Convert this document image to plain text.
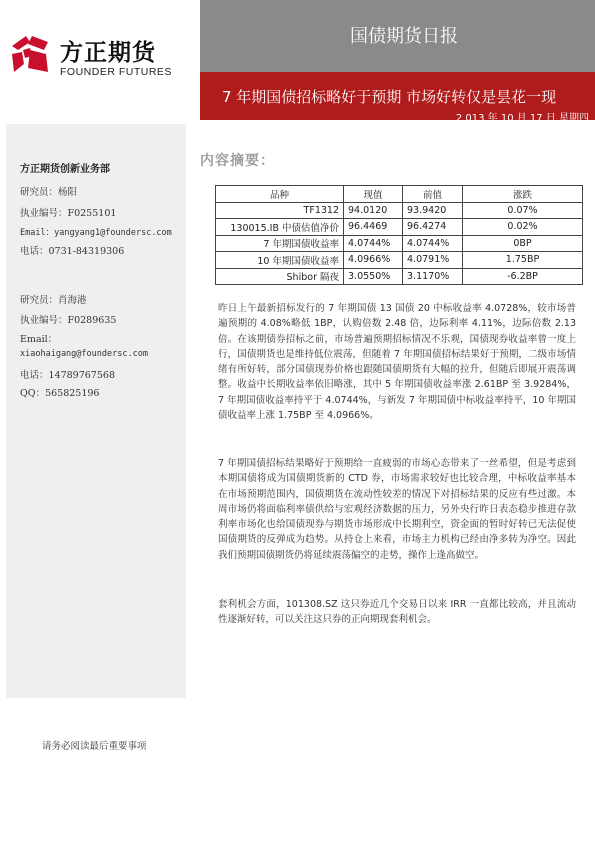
方正期货
FOUNDER FUTURES
国债期货日报
7 年期国债招标略好于预期 市场好转仅是昙花一现
2 013 年 10 月 17 日 星期四
方正期货创新业务部
研究员：杨阳
执业编号：F0255101
Email：yangyang1@foundersc.com
电话：0731-84319306
研究员：肖海港
执业编号：F0289635
Email：
xiaohaigang@foundersc.com
电话：14789767568
QQ：565825196
内容摘要：
品种	现值	前值	涨跌
TF1312	94.0120	93.9420	0.07%
130015.IB 中债估值净价	96.4469	96.4274	0.02%
7 年期国债收益率	4.0744%	4.0744%	0BP
10 年期国债收益率	4.0966%	4.0791%	1.75BP
Shibor 隔夜	3.0550%	3.1170%	-6.2BP
昨日上午最新招标发行的 7 年期国债 13 国债 20 中标收益率 4.0728%，较市场普遍预期的 4.08%略低 1BP，认购倍数 2.48 倍，边际利率 4.11%，边际倍数 2.13 倍。在该期债券招标之前，市场普遍预期招标情况不乐观，国债现券收益率曾一度上行，国债期货也是维持低位震荡，但随着 7 年期国债招标结果好于预期，二级市场情绪有所好转，部分国债现券价格也跟随国债期货有大幅的拉升，但随后即展开震荡调整。收益中长期收益率依旧略涨，其中 5 年期国债收益率涨 2.61BP 至 3.9284%，7 年期国债收益率持平于 4.0744%，与新发 7 年期国债中标收益率持平，10 年期国债收益率上涨 1.75BP 至 4.0966%。
7 年期国债招标结果略好于预期给一直疲弱的市场心态带来了一丝希望，但是考虑到本期国债将成为国债期货新的 CTD 券，市场需求较好也比较合理，中标收益率基本在市场预期范围内，国债期货在流动性较差的情况下对招标结果的反应有些过激。本周市场仍将面临利率债供给与宏观经济数据的压力，另外央行昨日表态稳步推进存款利率市场化也给国债现券与期货市场形成中长期利空，资金面的暂时好转已无法促使国债期货的反弹成为趋势。从持仓上来看，市场主力机构已经由净多转为净空。因此我们预期国债期货仍将延续震荡偏空的走势，操作上逢高做空。
套利机会方面，101308.SZ 这只券近几个交易日以来 IRR 一直都比较高，并且流动性逐渐好转，可以关注这只券的正向期现套利机会。
请务必阅读最后重要事项
